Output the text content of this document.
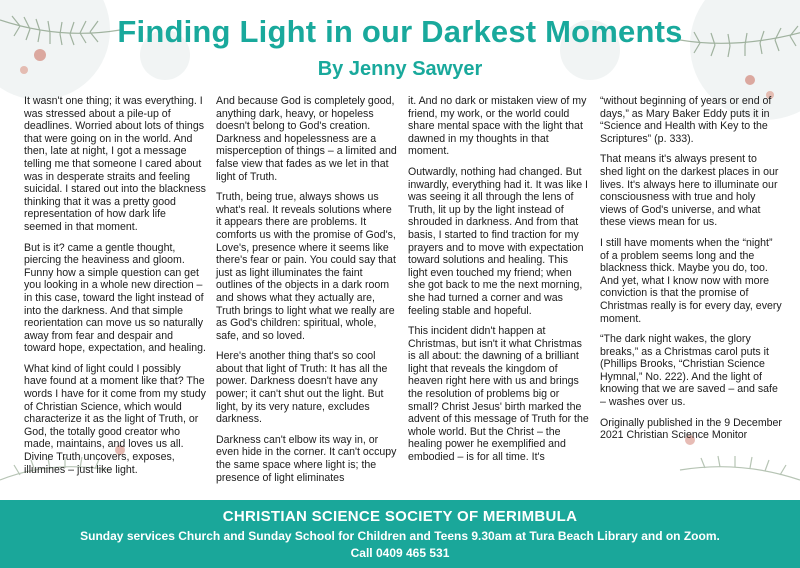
Finding Light in our Darkest Moments
By Jenny Sawyer

It wasn't one thing; it was everything. I was stressed about a pile-up of deadlines. Worried about lots of things that were going on in the world. And then, late at night, I got a message telling me that someone I cared about was in desperate straits and feeling suicidal. I stared out into the blackness thinking that it was a pretty good representation of how dark life seemed in that moment.

But is it? came a gentle thought, piercing the heaviness and gloom. Funny how a simple question can get you looking in a whole new direction – in this case, toward the light instead of into the darkness. And that simple reorientation can move us so naturally away from fear and despair and toward hope, expectation, and healing.

What kind of light could I possibly have found at a moment like that? The words I have for it come from my study of Christian Science, which would characterize it as the light of Truth, or God, the totally good creator who made, maintains, and loves us all. Divine Truth uncovers, exposes, illumines – just like light.

And because God is completely good, anything dark, heavy, or hopeless doesn't belong to God's creation. Darkness and hopelessness are a misperception of things – a limited and false view that fades as we let in that light of Truth.

Truth, being true, always shows us what's real. It reveals solutions where it appears there are problems. It comforts us with the promise of God's, Love's, presence where it seems like there's fear or pain. You could say that just as light illuminates the faint outlines of the objects in a dark room and shows what they actually are, Truth brings to light what we really are as God's children: spiritual, whole, safe, and so loved.

Here's another thing that's so cool about that light of Truth: It has all the power. Darkness doesn't have any power; it can't shut out the light. But light, by its very nature, excludes darkness.

Darkness can't elbow its way in, or even hide in the corner. It can't occupy the same space where light is; the presence of light eliminates

it. And no dark or mistaken view of my friend, my work, or the world could share mental space with the light that dawned in my thoughts in that moment.

Outwardly, nothing had changed. But inwardly, everything had it. It was like I was seeing it all through the lens of Truth, lit up by the light instead of shrouded in darkness. And from that basis, I started to find traction for my prayers and to move with expectation toward solutions and healing. This light even touched my friend; when she got back to me the next morning, she had turned a corner and was feeling stable and hopeful.

This incident didn't happen at Christmas, but isn't it what Christmas is all about: the dawning of a brilliant light that reveals the kingdom of heaven right here with us and brings the resolution of problems big or small? Christ Jesus' birth marked the advent of this message of Truth for the whole world. But the Christ – the healing power he exemplified and embodied – is for all time. It's

“without beginning of years or end of days,” as Mary Baker Eddy puts it in “Science and Health with Key to the Scriptures” (p. 333).

That means it's always present to shed light on the darkest places in our lives. It's always here to illuminate our consciousness with true and holy views of God's universe, and what these views mean for us.

I still have moments when the “night” of a problem seems long and the blackness thick. Maybe you do, too. And yet, what I know now with more conviction is that the promise of Christmas really is for every day, every moment.

“The dark night wakes, the glory breaks,” as a Christmas carol puts it (Phillips Brooks, “Christian Science Hymnal,” No. 222). And the light of knowing that we are saved – and safe – washes over us.

Originally published in the 9 December 2021 Christian Science Monitor

CHRISTIAN SCIENCE SOCIETY OF MERIMBULA
Sunday services Church and Sunday School for Children and Teens 9.30am at Tura Beach Library and on Zoom.
Call 0409 465 531
